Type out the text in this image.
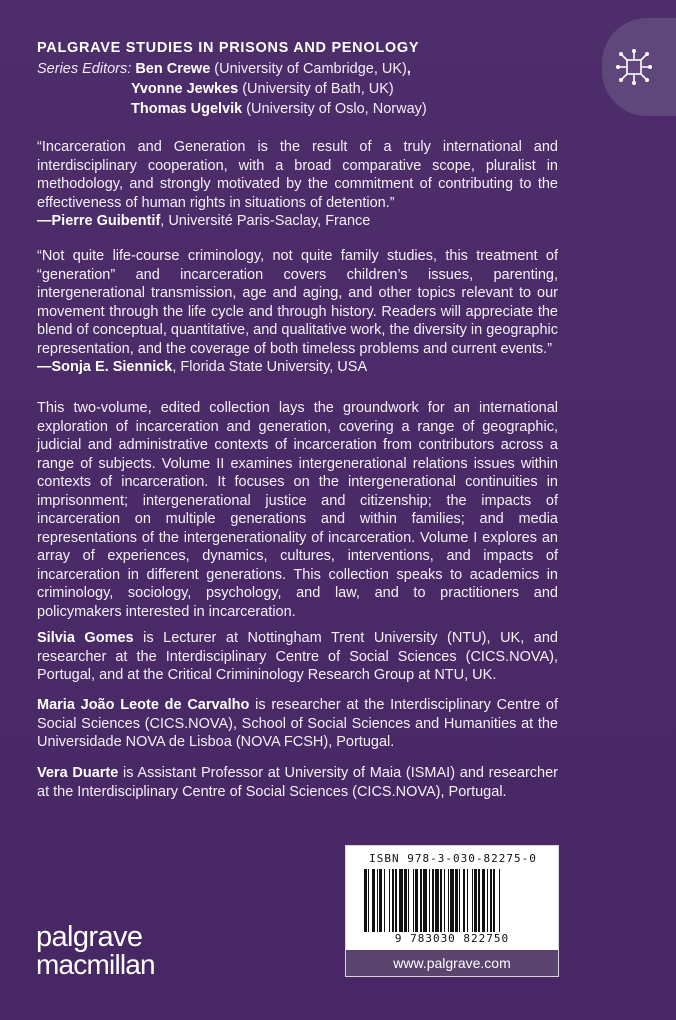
PALGRAVE STUDIES IN PRISONS AND PENOLOGY
Series Editors: Ben Crewe (University of Cambridge, UK),
Yvonne Jewkes (University of Bath, UK)
Thomas Ugelvik (University of Oslo, Norway)
“Incarceration and Generation is the result of a truly international and interdisciplinary cooperation, with a broad comparative scope, pluralist in methodology, and strongly motivated by the commitment of contributing to the effectiveness of human rights in situations of detention.”
—Pierre Guibentif, Université Paris-Saclay, France
“Not quite life-course criminology, not quite family studies, this treatment of “generation” and incarceration covers children’s issues, parenting, intergenerational transmission, age and aging, and other topics relevant to our movement through the life cycle and through history. Readers will appreciate the blend of conceptual, quantitative, and qualitative work, the diversity in geographic representation, and the coverage of both timeless problems and current events.”
—Sonja E. Siennick, Florida State University, USA
This two-volume, edited collection lays the groundwork for an international exploration of incarceration and generation, covering a range of geographic, judicial and administrative contexts of incarceration from contributors across a range of subjects. Volume II examines intergenerational relations issues within contexts of incarceration. It focuses on the intergenerational continuities in imprisonment; intergenerational justice and citizenship; the impacts of incarceration on multiple generations and within families; and media representations of the intergenerationality of incarceration. Volume I explores an array of experiences, dynamics, cultures, interventions, and impacts of incarceration in different generations. This collection speaks to academics in criminology, sociology, psychology, and law, and to practitioners and policymakers interested in incarceration.
Silvia Gomes is Lecturer at Nottingham Trent University (NTU), UK, and researcher at the Interdisciplinary Centre of Social Sciences (CICS.NOVA), Portugal, and at the Critical Crimininology Research Group at NTU, UK.
Maria João Leote de Carvalho is researcher at the Interdisciplinary Centre of Social Sciences (CICS.NOVA), School of Social Sciences and Humanities at the Universidade NOVA de Lisboa (NOVA FCSH), Portugal.
Vera Duarte is Assistant Professor at University of Maia (ISMAI) and researcher at the Interdisciplinary Centre of Social Sciences (CICS.NOVA), Portugal.
ISBN 978-3-030-82275-0
9 783030 822750
www.palgrave.com
palgrave
macmillan
